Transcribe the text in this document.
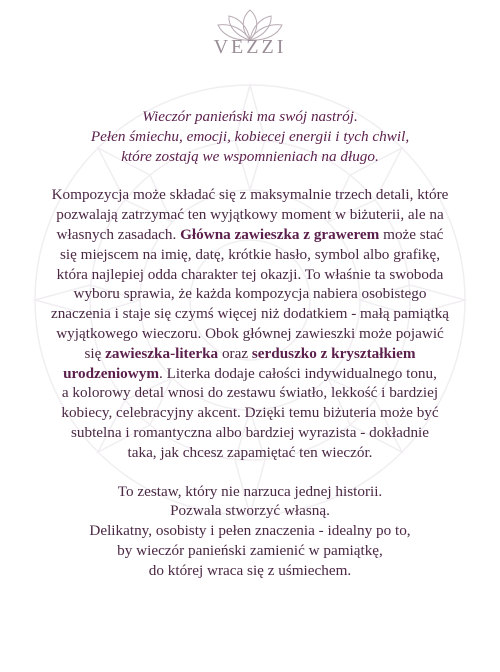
VEZZI

Wieczór panieński ma swój nastrój.
Pełen śmiechu, emocji, kobiecej energii i tych chwil,
które zostają we wspomnieniach na długo.

Kompozycja może składać się z maksymalnie trzech detali, które
pozwalają zatrzymać ten wyjątkowy moment w biżuterii, ale na
własnych zasadach. Główna zawieszka z grawerem może stać
się miejscem na imię, datę, krótkie hasło, symbol albo grafikę,
która najlepiej odda charakter tej okazji. To właśnie ta swoboda
wyboru sprawia, że każda kompozycja nabiera osobistego
znaczenia i staje się czymś więcej niż dodatkiem - małą pamiątką
wyjątkowego wieczoru. Obok głównej zawieszki może pojawić
się zawieszka-literka oraz serduszko z kryształkiem
urodzeniowym. Literka dodaje całości indywidualnego tonu,
a kolorowy detal wnosi do zestawu światło, lekkość i bardziej
kobiecy, celebracyjny akcent. Dzięki temu biżuteria może być
subtelna i romantyczna albo bardziej wyrazista - dokładnie
taka, jak chcesz zapamiętać ten wieczór.

To zestaw, który nie narzuca jednej historii.
Pozwala stworzyć własną.
Delikatny, osobisty i pełen znaczenia - idealny po to,
by wieczór panieński zamienić w pamiątkę,
do której wraca się z uśmiechem.
